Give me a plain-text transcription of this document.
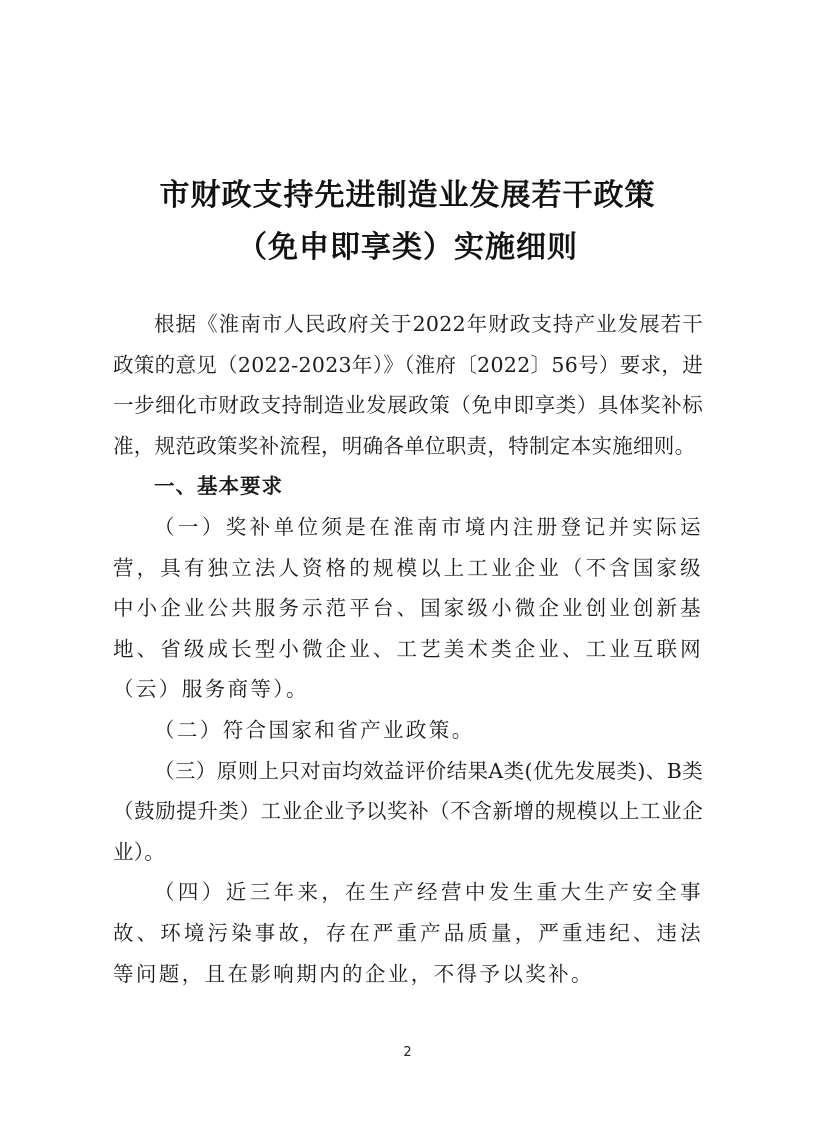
市财政支持先进制造业发展若干政策
（免申即享类）实施细则

根据《淮南市人民政府关于2022年财政支持产业发展若干政策的意见（2022-2023年）》（淮府〔2022〕56号）要求，进一步细化市财政支持制造业发展政策（免申即享类）具体奖补标准，规范政策奖补流程，明确各单位职责，特制定本实施细则。

一、基本要求

（一）奖补单位须是在淮南市境内注册登记并实际运营，具有独立法人资格的规模以上工业企业（不含国家级中小企业公共服务示范平台、国家级小微企业创业创新基地、省级成长型小微企业、工艺美术类企业、工业互联网（云）服务商等）。

（二）符合国家和省产业政策。

（三）原则上只对亩均效益评价结果A类(优先发展类)、B类（鼓励提升类）工业企业予以奖补（不含新增的规模以上工业企业）。

（四）近三年来，在生产经营中发生重大生产安全事故、环境污染事故，存在严重产品质量，严重违纪、违法等问题，且在影响期内的企业，不得予以奖补。

2
